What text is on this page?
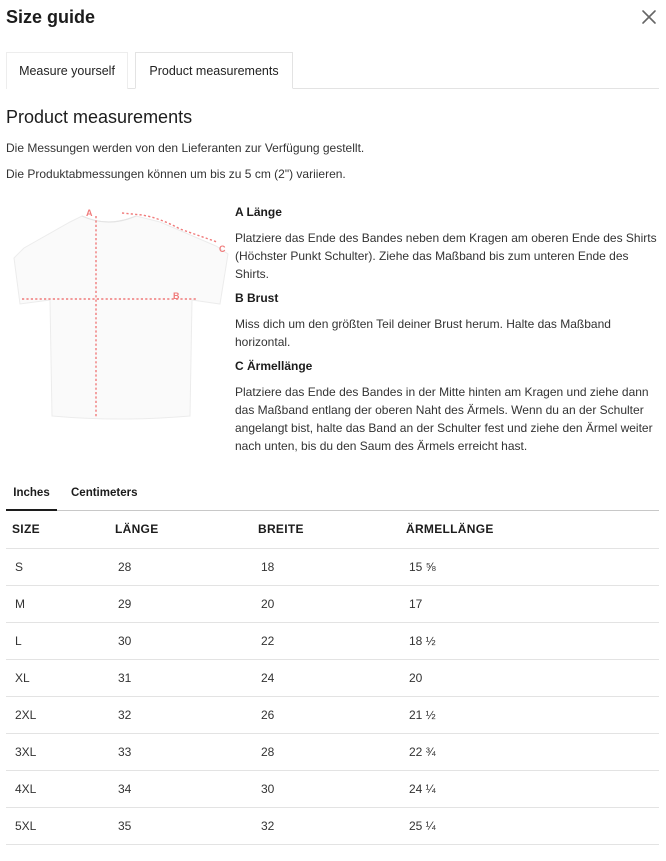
Size guide
Measure yourself	Product measurements
Product measurements
Die Messungen werden von den Lieferanten zur Verfügung gestellt.
Die Produktabmessungen können um bis zu 5 cm (2") variieren.
A
B
C
A Länge

Platziere das Ende des Bandes neben dem Kragen am oberen Ende des Shirts (Höchster Punkt Schulter). Ziehe das Maßband bis zum unteren Ende des Shirts.

B Brust

Miss dich um den größten Teil deiner Brust herum. Halte das Maßband horizontal.

C Ärmellänge

Platziere das Ende des Bandes in der Mitte hinten am Kragen und ziehe dann das Maßband entlang der oberen Naht des Ärmels. Wenn du an der Schulter angelangt bist, halte das Band an der Schulter fest und ziehe den Ärmel weiter nach unten, bis du den Saum des Ärmels erreicht hast.

Inches	Centimeters
SIZE	LÄNGE	BREITE	ÄRMELLÄNGE
S	28	18	15 ⅝
M	29	20	17
L	30	22	18 ½
XL	31	24	20
2XL	32	26	21 ½
3XL	33	28	22 ¾
4XL	34	30	24 ¼
5XL	35	32	25 ¼
